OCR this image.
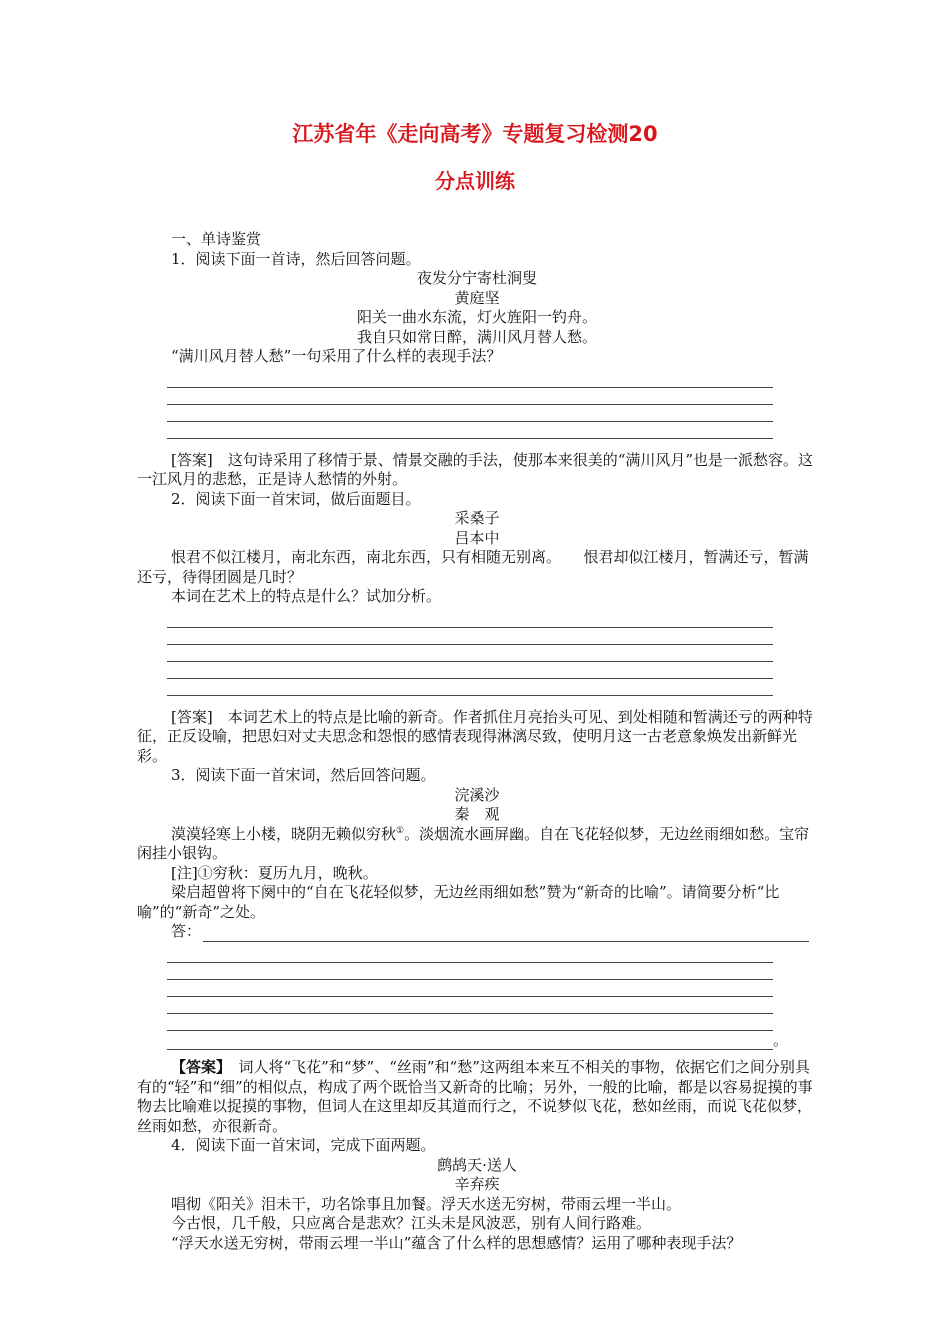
江苏省年《走向高考》专题复习检测20
分点训练

一、单诗鉴赏

1．阅读下面一首诗，然后回答问题。

夜发分宁寄杜涧叟

黄庭坚

阳关一曲水东流，灯火旌阳一钓舟。

我自只如常日醉，满川风月替人愁。

“满川风月替人愁”一句采用了什么样的表现手法？

[答案]　这句诗采用了移情于景、情景交融的手法，使那本来很美的“满川风月”也是一派愁容。这一江风月的悲愁，正是诗人愁情的外射。

2．阅读下面一首宋词，做后面题目。

采桑子

吕本中

恨君不似江楼月，南北东西，南北东西，只有相随无别离。　　恨君却似江楼月，暂满还亏，暂满还亏，待得团圆是几时？

本词在艺术上的特点是什么？试加分析。

[答案]　本词艺术上的特点是比喻的新奇。作者抓住月亮抬头可见、到处相随和暂满还亏的两种特征，正反设喻，把思妇对丈夫思念和怨恨的感情表现得淋漓尽致，使明月这一古老意象焕发出新鲜光彩。

3．阅读下面一首宋词，然后回答问题。

浣溪沙

秦　观

漠漠轻寒上小楼，晓阴无赖似穷秋①。淡烟流水画屏幽。自在飞花轻似梦，无边丝雨细如愁。宝帘闲挂小银钩。

[注]①穷秋：夏历九月，晚秋。

梁启超曾将下阕中的“自在飞花轻似梦，无边丝雨细如愁”赞为“新奇的比喻”。请简要分析“比喻”的“新奇”之处。

答：
。

【答案】　词人将“飞花”和“梦”、“丝雨”和“愁”这两组本来互不相关的事物，依据它们之间分别具有的“轻”和“细”的相似点，构成了两个既恰当又新奇的比喻；另外，一般的比喻，都是以容易捉摸的事物去比喻难以捉摸的事物，但词人在这里却反其道而行之，不说梦似飞花，愁如丝雨，而说飞花似梦，丝雨如愁，亦很新奇。

4．阅读下面一首宋词，完成下面两题。

鹧鸪天·送人

辛弃疾

唱彻《阳关》泪未干，功名馀事且加餐。浮天水送无穷树，带雨云埋一半山。

今古恨，几千般，只应离合是悲欢？江头未是风波恶，别有人间行路难。

“浮天水送无穷树，带雨云埋一半山”蕴含了什么样的思想感情？运用了哪种表现手法？
